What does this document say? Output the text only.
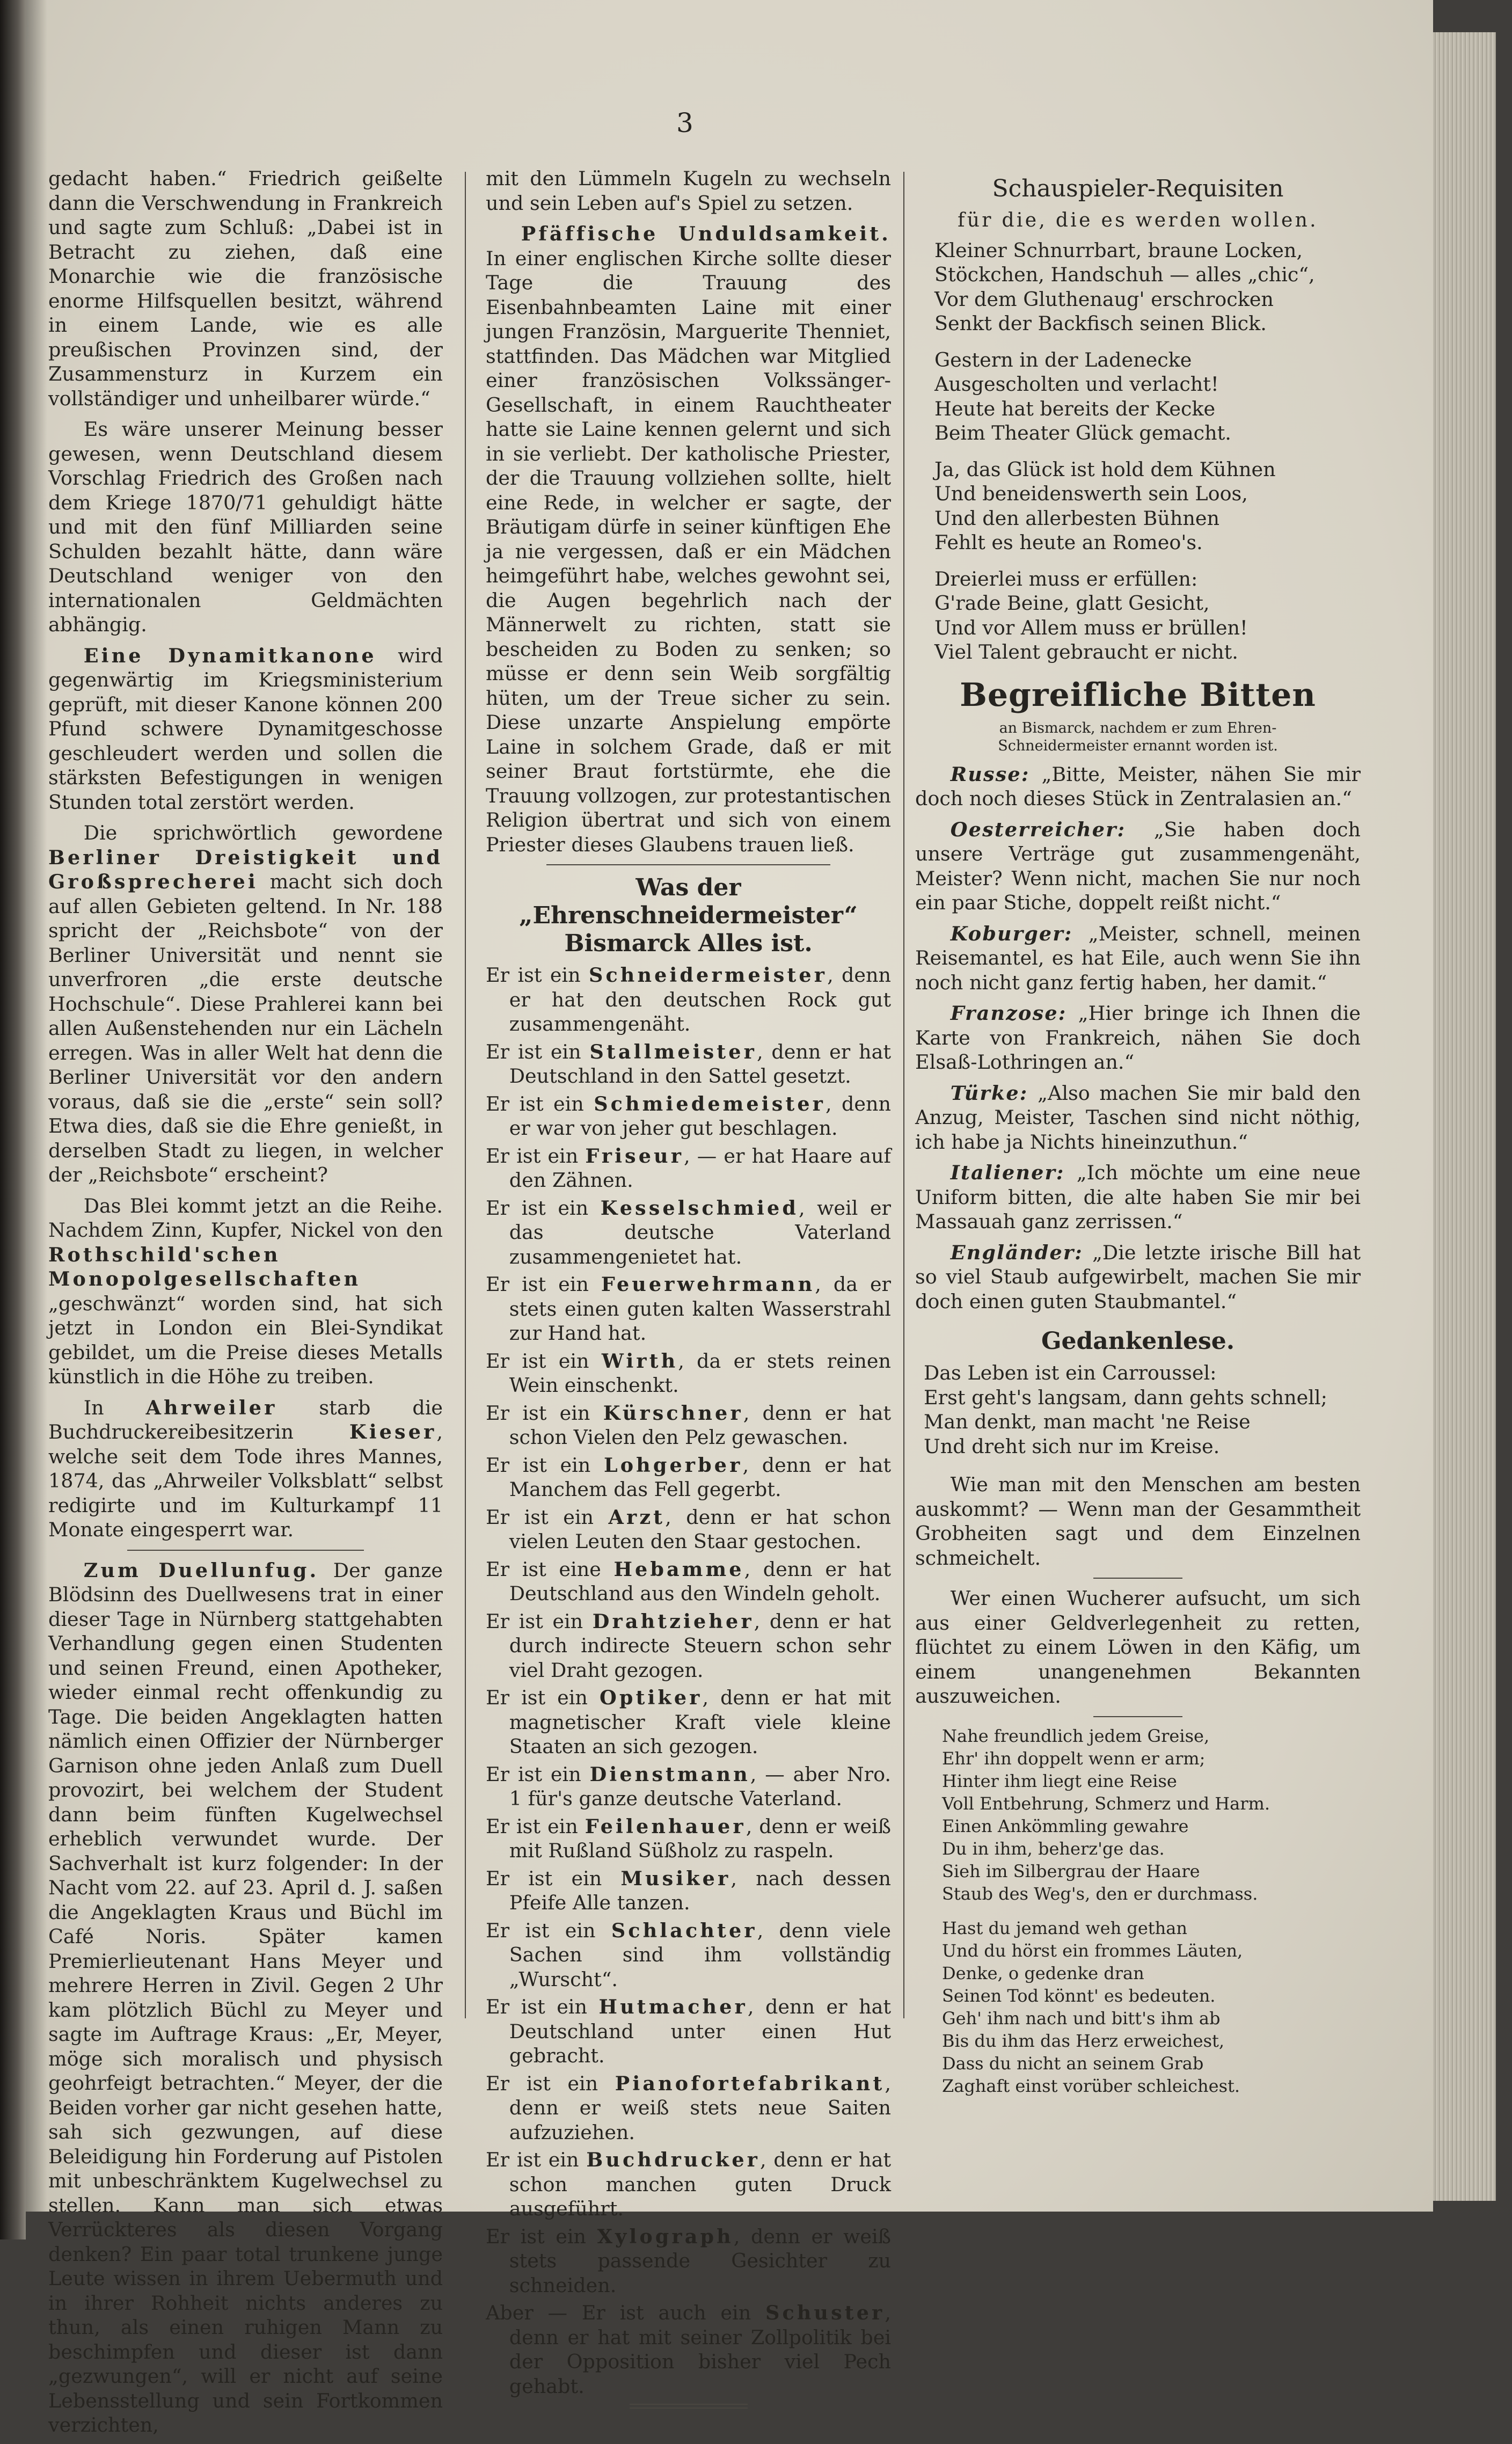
3

gedacht haben.“ Friedrich geißelte dann die Verschwendung in Frankreich und sagte zum Schluß: „Dabei ist in Betracht zu ziehen, daß eine Monarchie wie die französische enorme Hilfsquellen besitzt, während in einem Lande, wie es alle preußischen Provinzen sind, der Zusammensturz in Kurzem ein vollständiger und unheilbarer würde.“

Es wäre unserer Meinung besser gewesen, wenn Deutschland diesem Vorschlag Friedrich des Großen nach dem Kriege 1870/71 gehuldigt hätte und mit den fünf Milliarden seine Schulden bezahlt hätte, dann wäre Deutschland weniger von den internationalen Geldmächten abhängig.

Eine Dynamitkanone wird gegenwärtig im Kriegsministerium geprüft, mit dieser Kanone können 200 Pfund schwere Dynamitgeschosse geschleudert werden und sollen die stärksten Befestigungen in wenigen Stunden total zerstört werden.

Die sprichwörtlich gewordene Berliner Dreistigkeit und Großsprecherei macht sich doch auf allen Gebieten geltend. In Nr. 188 spricht der „Reichsbote“ von der Berliner Universität und nennt sie unverfroren „die erste deutsche Hochschule“. Diese Prahlerei kann bei allen Außenstehenden nur ein Lächeln erregen. Was in aller Welt hat denn die Berliner Universität vor den andern voraus, daß sie die „erste“ sein soll? Etwa dies, daß sie die Ehre genießt, in derselben Stadt zu liegen, in welcher der „Reichsbote“ erscheint?

Das Blei kommt jetzt an die Reihe. Nachdem Zinn, Kupfer, Nickel von den Rothschild'schen Monopolgesellschaften „geschwänzt“ worden sind, hat sich jetzt in London ein Blei-Syndikat gebildet, um die Preise dieses Metalls künstlich in die Höhe zu treiben.

In Ahrweiler starb die Buchdruckereibesitzerin Kieser, welche seit dem Tode ihres Mannes, 1874, das „Ahrweiler Volksblatt“ selbst redigirte und im Kulturkampf 11 Monate eingesperrt war.

Zum Duellunfug. Der ganze Blödsinn des Duellwesens trat in einer dieser Tage in Nürnberg stattgehabten Verhandlung gegen einen Studenten und seinen Freund, einen Apotheker, wieder einmal recht offenkundig zu Tage. Die beiden Angeklagten hatten nämlich einen Offizier der Nürnberger Garnison ohne jeden Anlaß zum Duell provozirt, bei welchem der Student dann beim fünften Kugelwechsel erheblich verwundet wurde. Der Sachverhalt ist kurz folgender: In der Nacht vom 22. auf 23. April d. J. saßen die Angeklagten Kraus und Büchl im Café Noris. Später kamen Premierlieutenant Hans Meyer und mehrere Herren in Zivil. Gegen 2 Uhr kam plötzlich Büchl zu Meyer und sagte im Auftrage Kraus: „Er, Meyer, möge sich moralisch und physisch geohrfeigt betrachten.“ Meyer, der die Beiden vorher gar nicht gesehen hatte, sah sich gezwungen, auf diese Beleidigung hin Forderung auf Pistolen mit unbeschränktem Kugelwechsel zu stellen. Kann man sich etwas Verrückteres als diesen Vorgang denken? Ein paar total trunkene junge Leute wissen in ihrem Uebermuth und in ihrer Rohheit nichts anderes zu thun, als einen ruhigen Mann zu beschimpfen und dieser ist dann „gezwungen“, will er nicht auf seine Lebensstellung und sein Fortkommen verzichten,

mit den Lümmeln Kugeln zu wechseln und sein Leben auf's Spiel zu setzen.

Pfäffische Unduldsamkeit. In einer englischen Kirche sollte dieser Tage die Trauung des Eisenbahnbeamten Laine mit einer jungen Französin, Marguerite Thenniet, stattfinden. Das Mädchen war Mitglied einer französischen Volkssänger-Gesellschaft, in einem Rauchtheater hatte sie Laine kennen gelernt und sich in sie verliebt. Der katholische Priester, der die Trauung vollziehen sollte, hielt eine Rede, in welcher er sagte, der Bräutigam dürfe in seiner künftigen Ehe ja nie vergessen, daß er ein Mädchen heimgeführt habe, welches gewohnt sei, die Augen begehrlich nach der Männerwelt zu richten, statt sie bescheiden zu Boden zu senken; so müsse er denn sein Weib sorgfältig hüten, um der Treue sicher zu sein. Diese unzarte Anspielung empörte Laine in solchem Grade, daß er mit seiner Braut fortstürmte, ehe die Trauung vollzogen, zur protestantischen Religion übertrat und sich von einem Priester dieses Glaubens trauen ließ.

Was der „Ehrenschneidermeister“ Bismarck Alles ist.
Er ist ein Schneidermeister, denn er hat den deutschen Rock gut zusammengenäht.
Er ist ein Stallmeister, denn er hat Deutschland in den Sattel gesetzt.
Er ist ein Schmiedemeister, denn er war von jeher gut beschlagen.
Er ist ein Friseur, — er hat Haare auf den Zähnen.
Er ist ein Kesselschmied, weil er das deutsche Vaterland zusammengenietet hat.
Er ist ein Feuerwehrmann, da er stets einen guten kalten Wasserstrahl zur Hand hat.
Er ist ein Wirth, da er stets reinen Wein einschenkt.
Er ist ein Kürschner, denn er hat schon Vielen den Pelz gewaschen.
Er ist ein Lohgerber, denn er hat Manchem das Fell gegerbt.
Er ist ein Arzt, denn er hat schon vielen Leuten den Staar gestochen.
Er ist eine Hebamme, denn er hat Deutschland aus den Windeln geholt.
Er ist ein Drahtzieher, denn er hat durch indirecte Steuern schon sehr viel Draht gezogen.
Er ist ein Optiker, denn er hat mit magnetischer Kraft viele kleine Staaten an sich gezogen.
Er ist ein Dienstmann, — aber Nro. 1 für's ganze deutsche Vaterland.
Er ist ein Feilenhauer, denn er weiß mit Rußland Süßholz zu raspeln.
Er ist ein Musiker, nach dessen Pfeife Alle tanzen.
Er ist ein Schlachter, denn viele Sachen sind ihm vollständig „Wurscht“.
Er ist ein Hutmacher, denn er hat Deutschland unter einen Hut gebracht.
Er ist ein Pianofortefabrikant, denn er weiß stets neue Saiten aufzuziehen.
Er ist ein Buchdrucker, denn er hat schon manchen guten Druck ausgeführt.
Er ist ein Xylograph, denn er weiß stets passende Gesichter zu schneiden.
Aber — Er ist auch ein Schuster, denn er hat mit seiner Zollpolitik bei der Opposition bisher viel Pech gehabt.
Schauspieler-Requisiten
für die, die es werden wollen.
Kleiner Schnurrbart, braune Locken,
Stöckchen, Handschuh — alles „chic“,
Vor dem Gluthenaug' erschrocken
Senkt der Backfisch seinen Blick.
Gestern in der Ladenecke
Ausgescholten und verlacht!
Heute hat bereits der Kecke
Beim Theater Glück gemacht.
Ja, das Glück ist hold dem Kühnen
Und beneidenswerth sein Loos,
Und den allerbesten Bühnen
Fehlt es heute an Romeo's.
Dreierlei muss er erfüllen:
G'rade Beine, glatt Gesicht,
Und vor Allem muss er brüllen!
Viel Talent gebraucht er nicht.
Begreifliche Bitten
an Bismarck, nachdem er zum Ehren-Schneidermeister ernannt worden ist.

Russe: „Bitte, Meister, nähen Sie mir doch noch dieses Stück in Zentralasien an.“

Oesterreicher: „Sie haben doch unsere Verträge gut zusammengenäht, Meister? Wenn nicht, machen Sie nur noch ein paar Stiche, doppelt reißt nicht.“

Koburger: „Meister, schnell, meinen Reisemantel, es hat Eile, auch wenn Sie ihn noch nicht ganz fertig haben, her damit.“

Franzose: „Hier bringe ich Ihnen die Karte von Frankreich, nähen Sie doch Elsaß-Lothringen an.“

Türke: „Also machen Sie mir bald den Anzug, Meister, Taschen sind nicht nöthig, ich habe ja Nichts hineinzuthun.“

Italiener: „Ich möchte um eine neue Uniform bitten, die alte haben Sie mir bei Massauah ganz zerrissen.“

Engländer: „Die letzte irische Bill hat so viel Staub aufgewirbelt, machen Sie mir doch einen guten Staubmantel.“

Gedankenlese.
Das Leben ist ein Carroussel:
Erst geht's langsam, dann gehts schnell;
Man denkt, man macht 'ne Reise
Und dreht sich nur im Kreise.

Wie man mit den Menschen am besten auskommt? — Wenn man der Gesammtheit Grobheiten sagt und dem Einzelnen schmeichelt.

Wer einen Wucherer aufsucht, um sich aus einer Geldverlegenheit zu retten, flüchtet zu einem Löwen in den Käfig, um einem unangenehmen Bekannten auszuweichen.

Nahe freundlich jedem Greise,
Ehr' ihn doppelt wenn er arm;
Hinter ihm liegt eine Reise
Voll Entbehrung, Schmerz und Harm.
Einen Ankömmling gewahre
Du in ihm, beherz'ge das.
Sieh im Silbergrau der Haare
Staub des Weg's, den er durchmass.
Hast du jemand weh gethan
Und du hörst ein frommes Läuten,
Denke, o gedenke dran
Seinen Tod könnt' es bedeuten.
Geh' ihm nach und bitt's ihm ab
Bis du ihm das Herz erweichest,
Dass du nicht an seinem Grab
Zaghaft einst vorüber schleichest.
